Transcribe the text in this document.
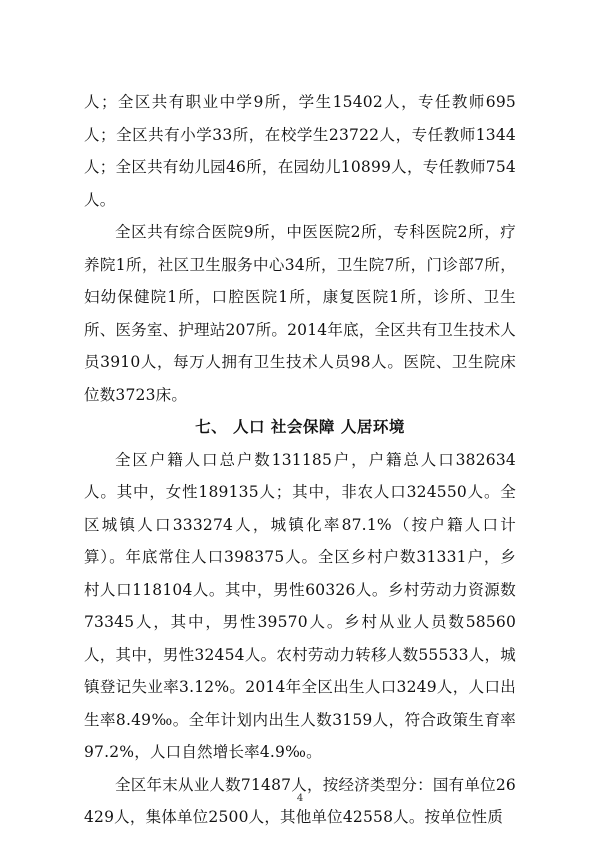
人；全区共有职业中学9所，学生15402人，专任教师695人；全区共有小学33所，在校学生23722人，专任教师1344人；全区共有幼儿园46所，在园幼儿10899人，专任教师754人。

全区共有综合医院9所，中医医院2所，专科医院2所，疗养院1所，社区卫生服务中心34所，卫生院7所，门诊部7所，妇幼保健院1所，口腔医院1所，康复医院1所，诊所、卫生所、医务室、护理站207所。2014年底，全区共有卫生技术人员3910人，每万人拥有卫生技术人员98人。医院、卫生院床位数3723床。

七、 人口 社会保障 人居环境

全区户籍人口总户数131185户，户籍总人口382634人。其中，女性189135人；其中，非农人口324550人。全区城镇人口333274人，城镇化率87.1%（按户籍人口计算）。年底常住人口398375人。全区乡村户数31331户，乡村人口118104人。其中，男性60326人。乡村劳动力资源数73345人，其中，男性39570人。乡村从业人员数58560人，其中，男性32454人。农村劳动力转移人数55533人，城镇登记失业率3.12%。2014年全区出生人口3249人，人口出生率8.49‰。全年计划内出生人数3159人，符合政策生育率97.2%，人口自然增长率4.9‰。

全区年末从业人数71487人，按经济类型分：国有单位26429人，集体单位2500人，其他单位42558人。按单位性质

4
